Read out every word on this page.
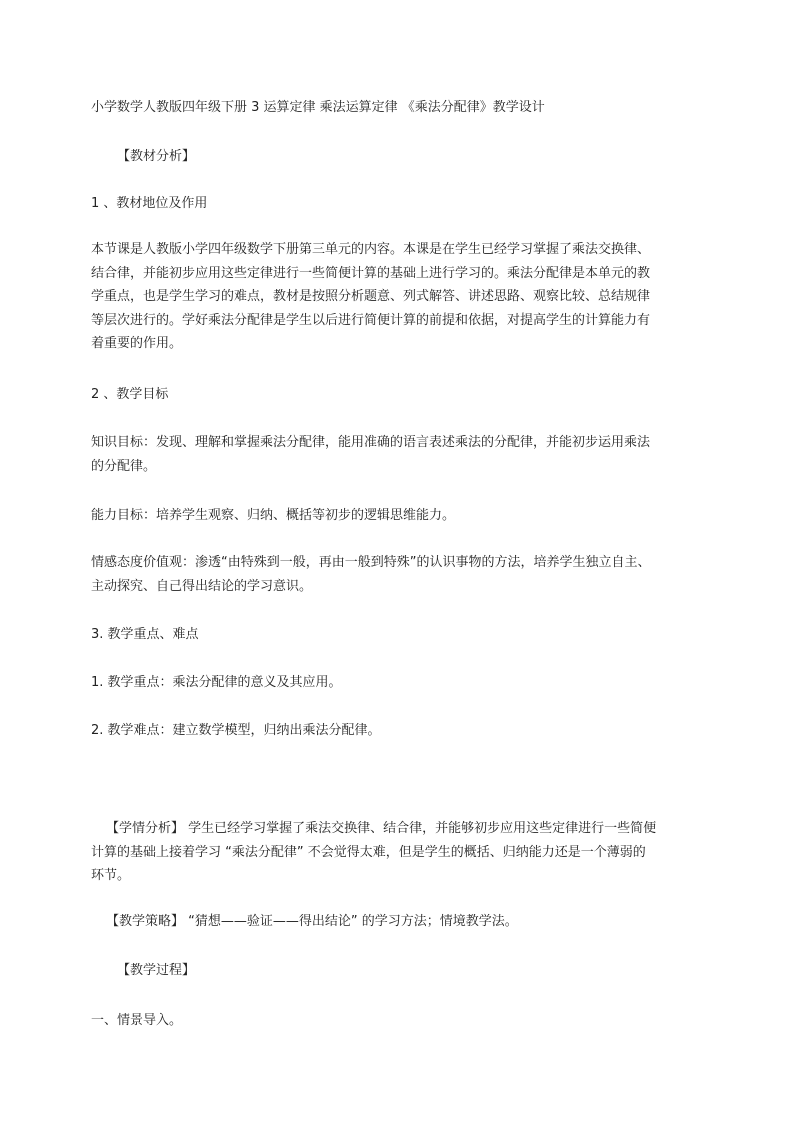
小学数学人教版四年级下册 3 运算定律 乘法运算定律 《乘法分配律》教学设计
【教材分析】
1 、教材地位及作用

本节课是人教版小学四年级数学下册第三单元的内容。本课是在学生已经学习掌握了乘法交换律、

结合律，并能初步应用这些定律进行一些简便计算的基础上进行学习的。乘法分配律是本单元的教

学重点，也是学生学习的难点，教材是按照分析题意、列式解答、讲述思路、观察比较、总结规律

等层次进行的。学好乘法分配律是学生以后进行简便计算的前提和依据，对提高学生的计算能力有

着重要的作用。

2 、教学目标

知识目标：发现、理解和掌握乘法分配律，能用准确的语言表述乘法的分配律，并能初步运用乘法

的分配律。

能力目标：培养学生观察、归纳、概括等初步的逻辑思维能力。

情感态度价值观：渗透“由特殊到一般，再由一般到特殊”的认识事物的方法，培养学生独立自主、

主动探究、自己得出结论的学习意识。

3. 教学重点、难点
1. 教学重点：乘法分配律的意义及其应用。
2. 教学难点：建立数学模型，归纳出乘法分配律。

【学情分析】 学生已经学习掌握了乘法交换律、结合律，并能够初步应用这些定律进行一些简便

计算的基础上接着学习 “乘法分配律” 不会觉得太难，但是学生的概括、归纳能力还是一个薄弱的

环节。

【教学策略】 “猜想——验证——得出结论” 的学习方法；情境教学法。
【教学过程】
一、情景导入。
